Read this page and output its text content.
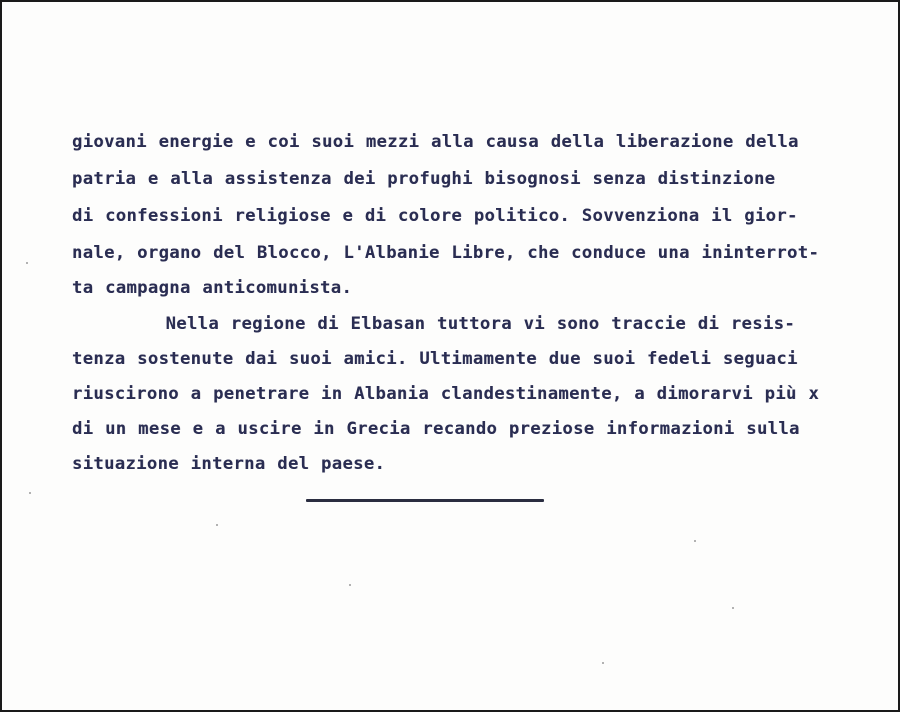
giovani energie e coi suoi mezzi alla causa della liberazione della
patria e alla assistenza dei profughi bisognosi senza distinzione
di confessioni religiose e di colore politico. Sovvenziona il gior-
nale, organo del Blocco, L'Albanie Libre, che conduce una ininterrot-
ta campagna anticomunista.
Nella regione di Elbasan tuttora vi sono traccie di resis-
tenza sostenute dai suoi amici. Ultimamente due suoi fedeli seguaci
riuscirono a penetrare in Albania clandestinamente, a dimorarvi più x
di un mese e a uscire in Grecia recando preziose informazioni sulla
situazione interna del paese.
